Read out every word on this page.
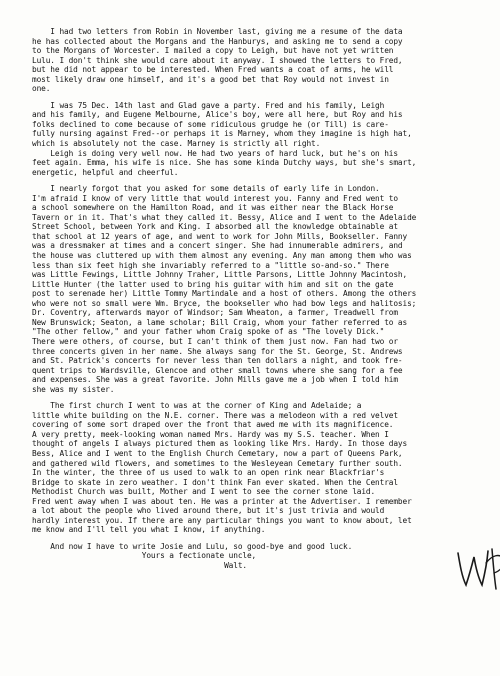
I had two letters from Robin in November last, giving me a resume of the data
he has collected about the Morgans and the Hanburys, and asking me to send a copy
to the Morgans of Worcester. I mailed a copy to Leigh, but have not yet written
Lulu. I don't think she would care about it anyway. I showed the letters to Fred,
but he did not appear to be interested. When Fred wants a coat of arms, he will
most likely draw one himself, and it's a good bet that Roy would not invest in
one.
I was 75 Dec. 14th last and Glad gave a party. Fred and his family, Leigh
and his family, and Eugene Melbourne, Alice's boy, were all here, but Roy and his
folks declined to come because of some ridiculous grudge he (or Till) is care-
fully nursing against Fred--or perhaps it is Marney, whom they imagine is high hat,
which is absolutely not the case. Marney is strictly all right.
Leigh is doing very well now. He had two years of hard luck, but he's on his
feet again. Emma, his wife is nice. She has some kinda Dutchy ways, but she's smart,
energetic, helpful and cheerful.
I nearly forgot that you asked for some details of early life in London.
I'm afraid I know of very little that would interest you. Fanny and Fred went to
a school somewhere on the Hamilton Road, and it was either near the Black Horse
Tavern or in it. That's what they called it. Bessy, Alice and I went to the Adelaide
Street School, between York and King. I absorbed all the knowledge obtainable at
that school at 12 years of age, and went to work for John Mills, Bookseller. Fanny
was a dressmaker at times and a concert singer. She had innumerable admirers, and
the house was cluttered up with them almost any evening. Any man among them who was
less than six feet high she invariably referred to a "little so-and-so." There
was Little Fewings, Little Johnny Traher, Little Parsons, Little Johnny Macintosh,
Little Hunter (the latter used to bring his guitar with him and sit on the gate
post to serenade her) Little Tommy Martindale and a host of others. Among the others
who were not so small were Wm. Bryce, the bookseller who had bow legs and halitosis;
Dr. Coventry, afterwards mayor of Windsor; Sam Wheaton, a farmer, Treadwell from
New Brunswick; Seaton, a lame scholar; Bill Craig, whom your father referred to as
"The other fellow," and your father whom Craig spoke of as "The lovely Dick."
There were others, of course, but I can't think of them just now. Fan had two or
three concerts given in her name. She always sang for the St. George, St. Andrews
and St. Patrick's concerts for never less than ten dollars a night, and took fre-
quent trips to Wardsville, Glencoe and other small towns where she sang for a fee
and expenses. She was a great favorite. John Mills gave me a job when I told him
she was my sister.
The first church I went to was at the corner of King and Adelaide; a
little white building on the N.E. corner. There was a melodeon with a red velvet
covering of some sort draped over the front that awed me with its magnificence.
A very pretty, meek-looking woman named Mrs. Hardy was my S.S. teacher. When I
thought of angels I always pictured them as looking like Mrs. Hardy. In those days
Bess, Alice and I went to the English Church Cemetary, now a part of Queens Park,
and gathered wild flowers, and sometimes to the Wesleyean Cemetary further south.
In the winter, the three of us used to walk to an open rink near Blackfriar's
Bridge to skate in zero weather. I don't think Fan ever skated. When the Central
Methodist Church was built, Mother and I went to see the corner stone laid.
Fred went away when I was about ten. He was a printer at the Advertiser. I remember
a lot about the people who lived around there, but it's just trivia and would
hardly interest you. If there are any particular things you want to know about, let
me know and I'll tell you what I know, if anything.
And now I have to write Josie and Lulu, so good-bye and good luck.
Yours a fectionate uncle,
Walt.
